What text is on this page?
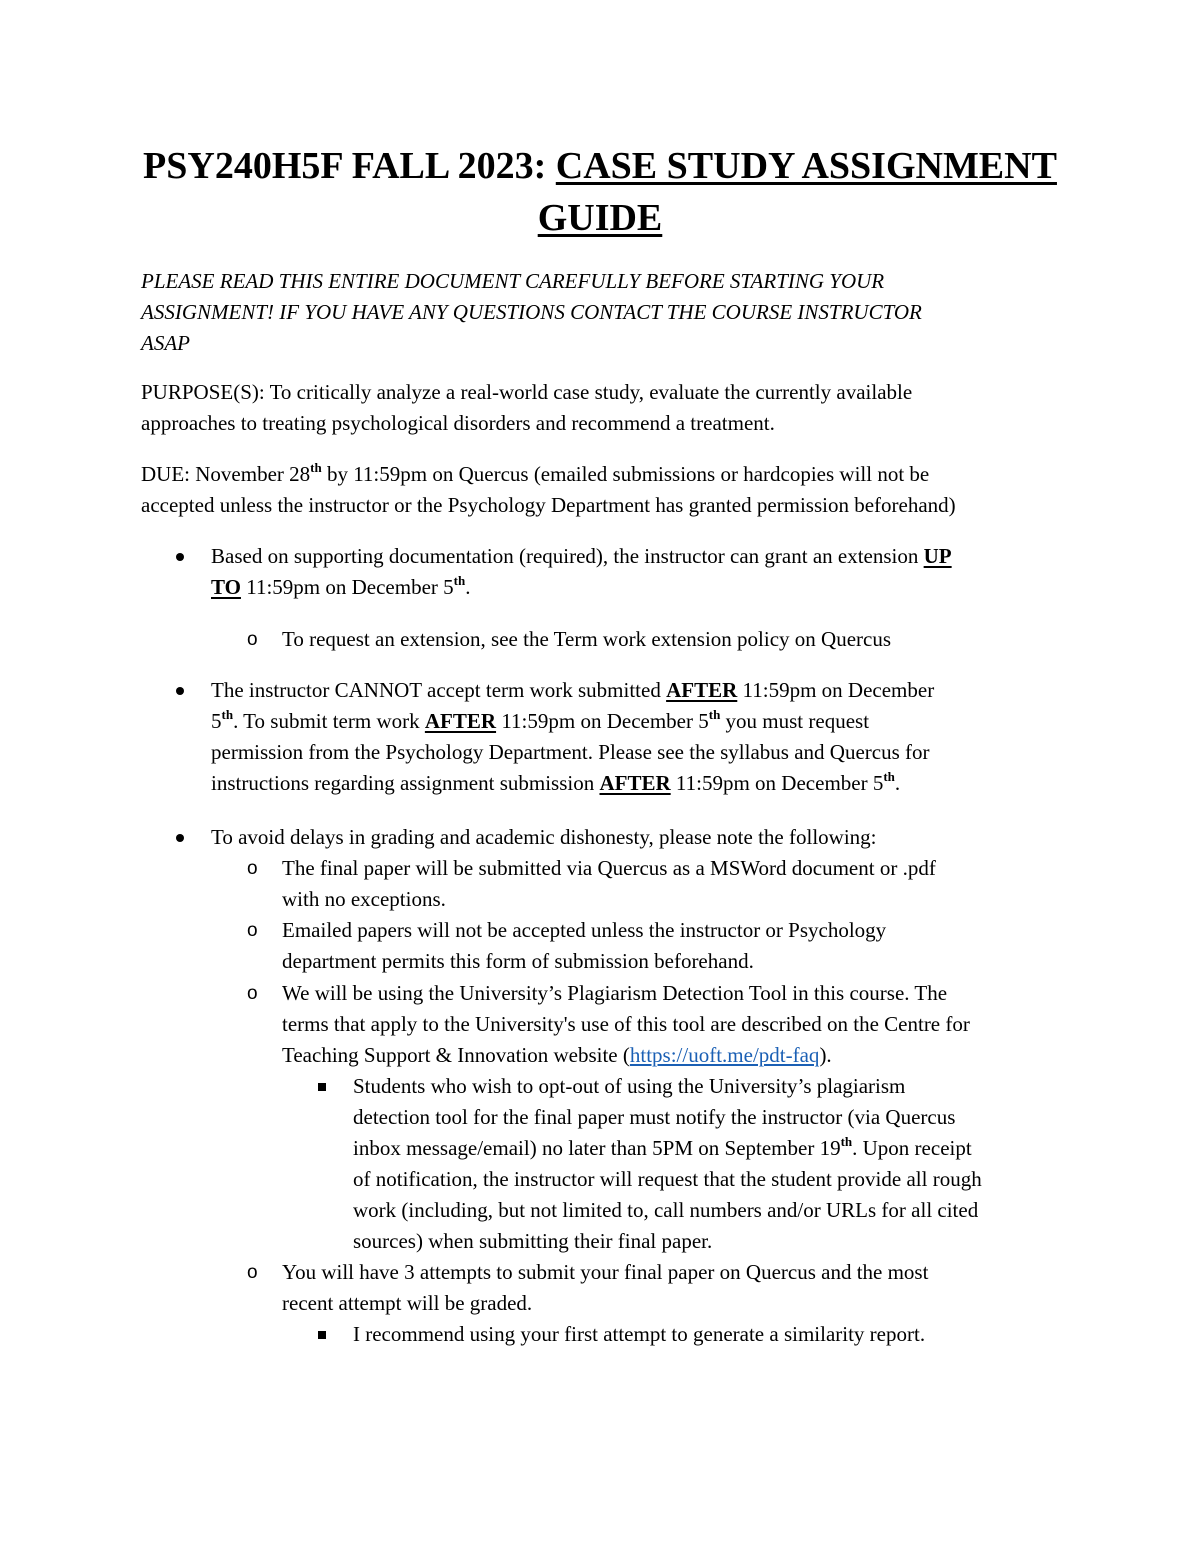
PSY240H5F FALL 2023: CASE STUDY ASSIGNMENT
GUIDE
PLEASE READ THIS ENTIRE DOCUMENT CAREFULLY BEFORE STARTING YOUR
ASSIGNMENT! IF YOU HAVE ANY QUESTIONS CONTACT THE COURSE INSTRUCTOR
ASAP
PURPOSE(S): To critically analyze a real-world case study, evaluate the currently available
approaches to treating psychological disorders and recommend a treatment.
DUE: November 28th by 11:59pm on Quercus (emailed submissions or hardcopies will not be
accepted unless the instructor or the Psychology Department has granted permission beforehand)
Based on supporting documentation (required), the instructor can grant an extension UP
TO 11:59pm on December 5th.
o To request an extension, see the Term work extension policy on Quercus
The instructor CANNOT accept term work submitted AFTER 11:59pm on December
5th. To submit term work AFTER 11:59pm on December 5th you must request
permission from the Psychology Department. Please see the syllabus and Quercus for
instructions regarding assignment submission AFTER 11:59pm on December 5th.
To avoid delays in grading and academic dishonesty, please note the following:
o The final paper will be submitted via Quercus as a MSWord document or .pdf
with no exceptions.
o Emailed papers will not be accepted unless the instructor or Psychology
department permits this form of submission beforehand.
o We will be using the University’s Plagiarism Detection Tool in this course. The
terms that apply to the University's use of this tool are described on the Centre for
Teaching Support & Innovation website (https://uoft.me/pdt-faq).
Students who wish to opt-out of using the University’s plagiarism
detection tool for the final paper must notify the instructor (via Quercus
inbox message/email) no later than 5PM on September 19th. Upon receipt
of notification, the instructor will request that the student provide all rough
work (including, but not limited to, call numbers and/or URLs for all cited
sources) when submitting their final paper.
o You will have 3 attempts to submit your final paper on Quercus and the most
recent attempt will be graded.
I recommend using your first attempt to generate a similarity report.
